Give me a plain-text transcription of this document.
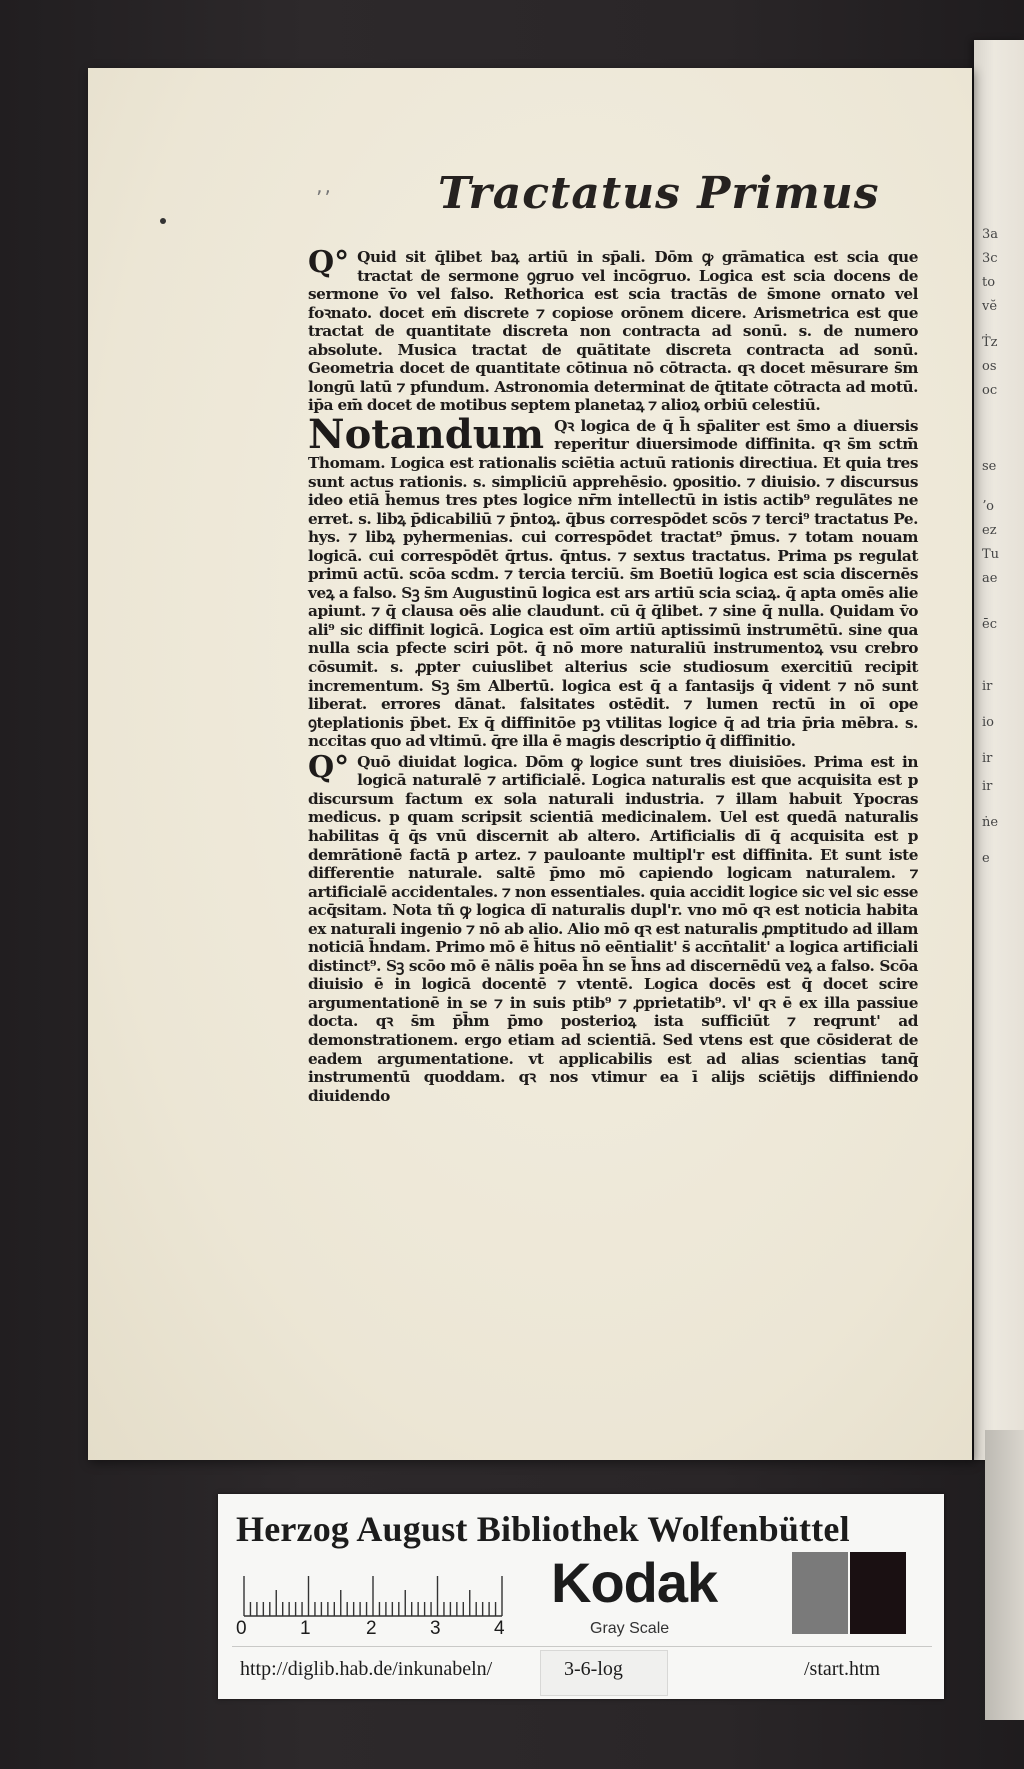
3a
3c
to
vĕ
Ṫz
os
oc
se
ʼo
ez
Tu
ae
ēc
ir
io
ir
ir
ṅe
e
ʼʼ Tractatus Primus

Q° Quid sit q̄libet baꝝ artiū in sp̄ali. Dōm ꝙ grāmatica est scia que tractat de sermone ꝯgruo vel incōgruo. Logica est scia docens de sermone v̄o vel falso. Rethorica est scia tractās de s̄mone ornato vel foꝛnato. docet em̄ discrete ⁊ copiose orōnem dicere. Arismetrica est que tractat de quantitate discreta non contracta ad sonū. s. de numero absolute. Musica tractat de quātitate discreta contracta ad sonū. Geometria docet de quantitate cōtinua nō cōtracta. qꝛ docet mēsurare s̄m longū latū ⁊ pfundum. Astronomia determinat de q̄titate cōtracta ad motū. ip̄a em̄ docet de motibus septem planetaꝝ ⁊ alioꝝ orbiū celestiū.

Notandum Qꝛ logica de q̄ h̄ sp̄aliter est s̄mo a diuersis reperitur diuersimode diffinita. qꝛ s̄m sctm̄ Thomam. Logica est rationalis sciētia actuū rationis directiua. Et quia tres sunt actus rationis. s. simpliciū apprehēsio. ꝯpositio. ⁊ diuisio. ⁊ discursus ideo etiā h̄emus tres ptes logice nr̄m intellectū in istis actib⁹ regulātes ne erret. s. libꝝ p̄dicabiliū ⁊ p̄ntoꝝ. q̄bus correspōdet scōs ⁊ terci⁹ tractatus Pe. hys. ⁊ libꝝ pyhermenias. cui correspōdet tractat⁹ p̄mus. ⁊ totam nouam logicā. cui correspōdēt q̄rtus. q̄ntus. ⁊ sextus tractatus. Prima ps regulat primū actū. scōa scdm. ⁊ tercia terciū. s̄m Boetiū logica est scia discernēs veꝝ a falso. Sꝫ s̄m Augustinū logica est ars artiū scia sciaꝝ. q̄ apta omēs alie apiunt. ⁊ q̄ clausa oēs alie claudunt. cū q̄ q̄libet. ⁊ sine q̄ nulla. Quidam v̄o ali⁹ sic diffinit logicā. Logica est oīm artiū aptissimū instrumētū. sine qua nulla scia pfecte sciri pōt. q̄ nō more naturaliū instrumentoꝝ vsu crebro cōsumit. s. ꝓpter cuiuslibet alterius scie studiosum exercitiū recipit incrementum. Sꝫ s̄m Albertū. logica est q̄ a fantasijs q̄ vident ⁊ nō sunt liberat. errores dānat. falsitates ostēdit. ⁊ lumen rectū in oī ope ꝯteplationis p̄bet. Ex q̄ diffinitōe pꝫ vtilitas logice q̄ ad tria p̄ria mēbra. s. nccitas quo ad vltimū. q̄re illa ē magis descriptio q̄ diffinitio.

Q° Quō diuidat logica. Dōm ꝙ logice sunt tres diuisiōes. Prima est in logicā naturalē ⁊ artificialē. Logica naturalis est que acquisita est p discursum factum ex sola naturali industria. ⁊ illam habuit Ypocras medicus. p quam scripsit scientiā medicinalem. Uel est quedā naturalis habilitas q̄ q̄s vnū discernit ab altero. Artificialis dī q̄ acquisita est p demrātionē factā p artez. ⁊ pauloante multipl'r est diffinita. Et sunt iste differentie naturale. saltē p̄mo mō capiendo logicam naturalem. ⁊ artificialē accidentales. ⁊ non essentiales. quia accidit logice sic vel sic esse acq̄sitam. Nota tñ ꝙ logica dī naturalis dupl'r. vno mō qꝛ est noticia habita ex naturali ingenio ⁊ nō ab alio. Alio mō qꝛ est naturalis ꝓmptitudo ad illam noticiā h̄ndam. Primo mō ē h̄itus nō eēntialit' s̄ accn̄talit' a logica artificiali distinct⁹. Sꝫ scōo mō ē nālis poēa h̄n se h̄ns ad discernēdū veꝝ a falso. Scōa diuisio ē in logicā docentē ⁊ vtentē. Logica docēs est q̄ docet scire argumentationē in se ⁊ in suis ptib⁹ ⁊ ꝓprietatib⁹. vl' qꝛ ē ex illa passiue docta. qꝛ s̄m p̄h̄m p̄mo posterioꝝ ista sufficiūt ⁊ reqrunt' ad demonstrationem. ergo etiam ad scientiā. Sed vtens est que cōsiderat de eadem argumentatione. vt applicabilis est ad alias scientias tanq̄ instrumentū quoddam. qꝛ nos vtimur ea ī alijs sciētijs diffiniendo diuidendo

Herzog August Bibliothek Wolfenbüttel
0	1	2	3	4
Kodak
Gray Scale
http://diglib.hab.de/inkunabeln/	3-6-log	/start.htm
